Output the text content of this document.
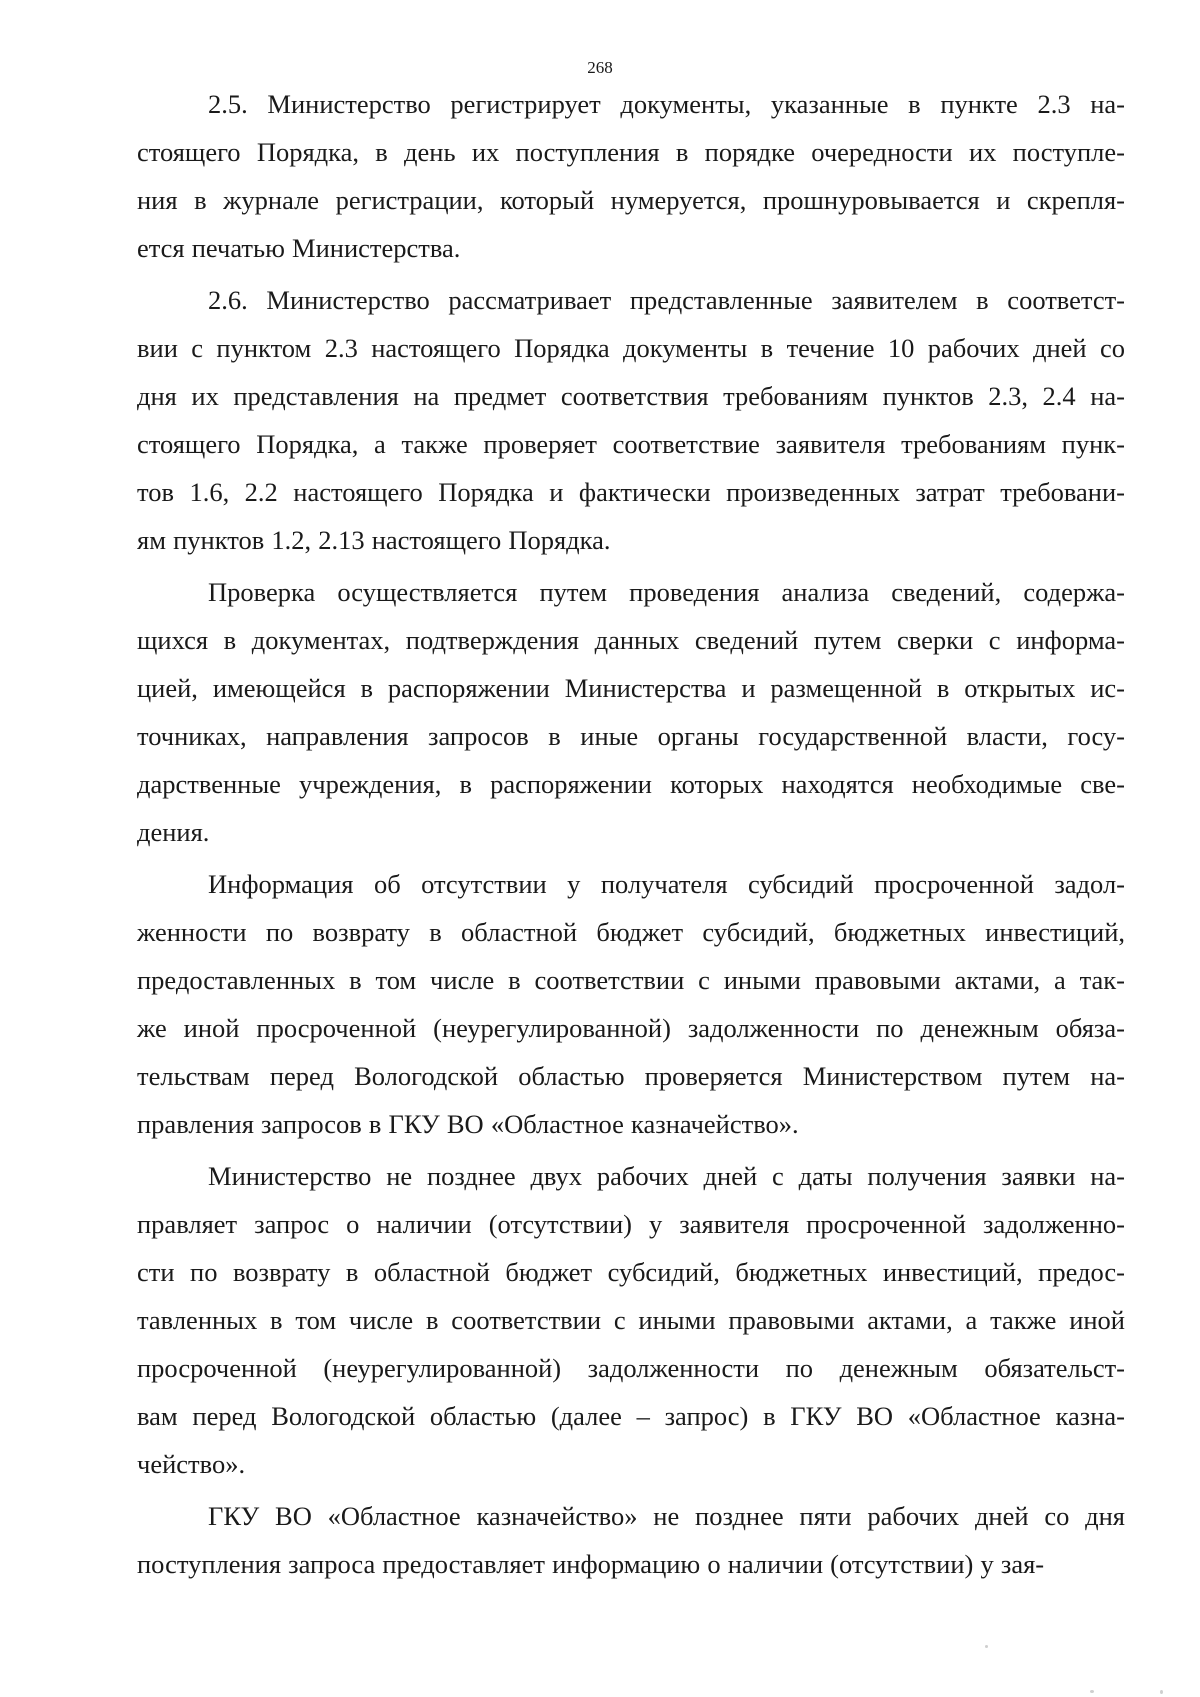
268
2.5. Министерство регистрирует документы, указанные в пункте 2.3 на-
стоящего Порядка, в день их поступления в порядке очередности их поступле-
ния в журнале регистрации, который нумеруется, прошнуровывается и скрепля-
ется печатью Министерства.
2.6. Министерство рассматривает представленные заявителем в соответст-
вии с пунктом 2.3 настоящего Порядка документы в течение 10 рабочих дней со
дня их представления на предмет соответствия требованиям пунктов 2.3, 2.4 на-
стоящего Порядка, а также проверяет соответствие заявителя требованиям пунк-
тов 1.6, 2.2 настоящего Порядка и фактически произведенных затрат требовани-
ям пунктов 1.2, 2.13 настоящего Порядка.
Проверка осуществляется путем проведения анализа сведений, содержа-
щихся в документах, подтверждения данных сведений путем сверки с информа-
цией, имеющейся в распоряжении Министерства и размещенной в открытых ис-
точниках, направления запросов в иные органы государственной власти, госу-
дарственные учреждения, в распоряжении которых находятся необходимые све-
дения.
Информация об отсутствии у получателя субсидий просроченной задол-
женности по возврату в областной бюджет субсидий, бюджетных инвестиций,
предоставленных в том числе в соответствии с иными правовыми актами, а так-
же иной просроченной (неурегулированной) задолженности по денежным обяза-
тельствам перед Вологодской областью проверяется Министерством путем на-
правления запросов в ГКУ ВО «Областное казначейство».
Министерство не позднее двух рабочих дней с даты получения заявки на-
правляет запрос о наличии (отсутствии) у заявителя просроченной задолженно-
сти по возврату в областной бюджет субсидий, бюджетных инвестиций, предос-
тавленных в том числе в соответствии с иными правовыми актами, а также иной
просроченной (неурегулированной) задолженности по денежным обязательст-
вам перед Вологодской областью (далее – запрос) в ГКУ ВО «Областное казна-
чейство».
ГКУ ВО «Областное казначейство» не позднее пяти рабочих дней со дня
поступления запроса предоставляет информацию о наличии (отсутствии) у зая-
